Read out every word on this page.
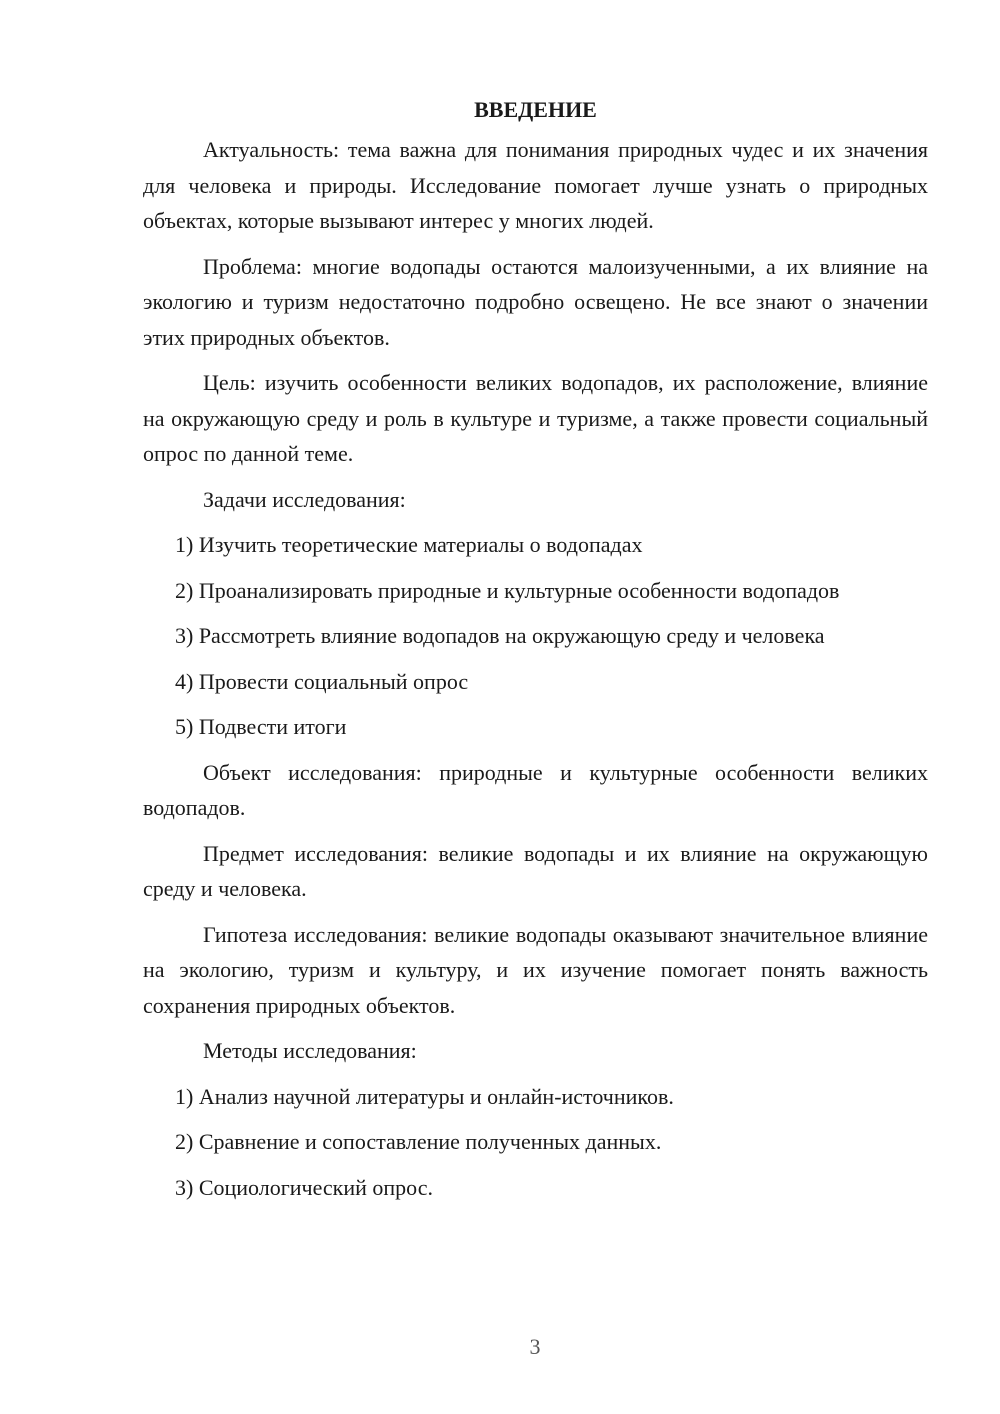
ВВЕДЕНИЕ

Актуальность: тема важна для понимания природных чудес и их значения для человека и природы. Исследование помогает лучше узнать о природных объектах, которые вызывают интерес у многих людей.

Проблема: многие водопады остаются малоизученными, а их влияние на экологию и туризм недостаточно подробно освещено. Не все знают о значении этих природных объектов.

Цель: изучить особенности великих водопадов, их расположение, влияние на окружающую среду и роль в культуре и туризме, а также провести социальный опрос по данной теме.

Задачи исследования:

1) Изучить теоретические материалы о водопадах

2) Проанализировать природные и культурные особенности водопадов

3) Рассмотреть влияние водопадов на окружающую среду и человека

4) Провести социальный опрос

5) Подвести итоги

Объект исследования: природные и культурные особенности великих водопадов.

Предмет исследования: великие водопады и их влияние на окружающую среду и человека.

Гипотеза исследования: великие водопады оказывают значительное влияние на экологию, туризм и культуру, и их изучение помогает понять важность сохранения природных объектов.

Методы исследования:

1) Анализ научной литературы и онлайн-источников.

2) Сравнение и сопоставление полученных данных.

3) Социологический опрос.

3
